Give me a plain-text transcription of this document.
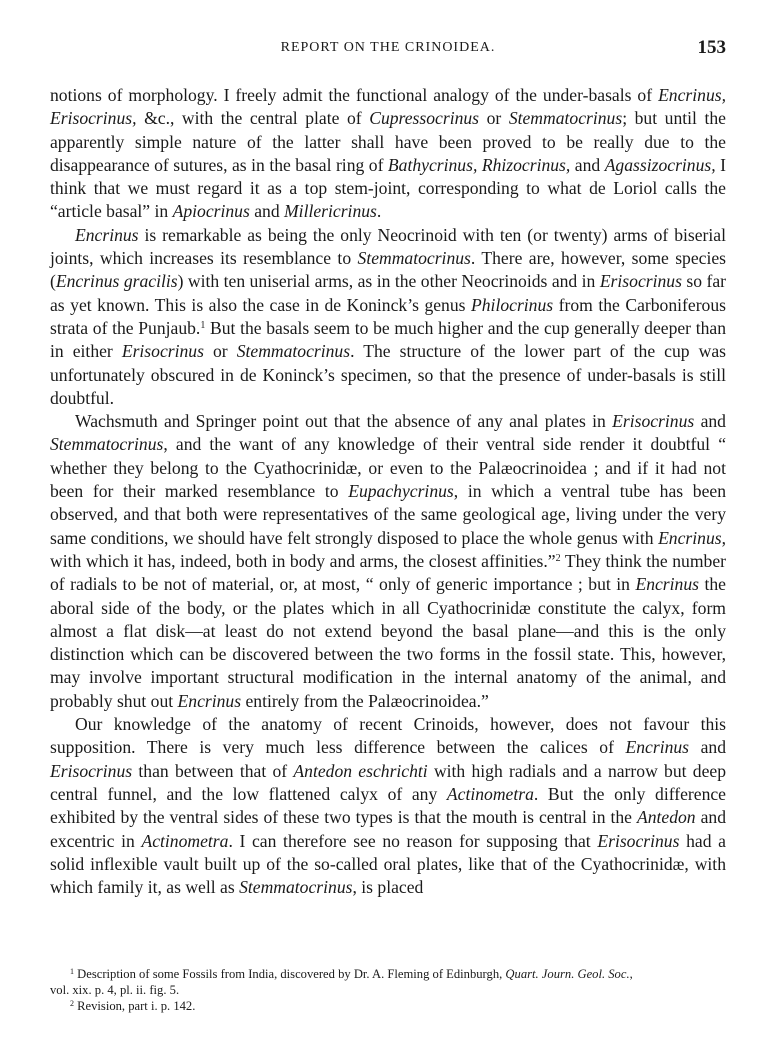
REPORT ON THE CRINOIDEA.	153

notions of morphology. I freely admit the functional analogy of the under-basals of Encrinus, Erisocrinus, &c., with the central plate of Cupressocrinus or Stemmatocrinus; but until the apparently simple nature of the latter shall have been proved to be really due to the disappearance of sutures, as in the basal ring of Bathycrinus, Rhizocrinus, and Agassizocrinus, I think that we must regard it as a top stem-joint, corresponding to what de Loriol calls the “article basal” in Apiocrinus and Millericrinus.

Encrinus is remarkable as being the only Neocrinoid with ten (or twenty) arms of biserial joints, which increases its resemblance to Stemmatocrinus. There are, however, some species (Encrinus gracilis) with ten uniserial arms, as in the other Neocrinoids and in Erisocrinus so far as yet known. This is also the case in de Koninck’s genus Philocrinus from the Carboniferous strata of the Punjaub.$^1$ But the basals seem to be much higher and the cup generally deeper than in either Erisocrinus or Stemmatocrinus. The structure of the lower part of the cup was unfortunately obscured in de Koninck’s specimen, so that the presence of under-basals is still doubtful.

Wachsmuth and Springer point out that the absence of any anal plates in Erisocrinus and Stemmatocrinus, and the want of any knowledge of their ventral side render it doubtful “ whether they belong to the Cyathocrinidæ, or even to the Palæocrinoidea ; and if it had not been for their marked resemblance to Eupachycrinus, in which a ventral tube has been observed, and that both were representatives of the same geological age, living under the very same conditions, we should have felt strongly disposed to place the whole genus with Encrinus, with which it has, indeed, both in body and arms, the closest affinities.”$^2$ They think the number of radials to be not of material, or, at most, “ only of generic importance ; but in Encrinus the aboral side of the body, or the plates which in all Cyathocrinidæ constitute the calyx, form almost a flat disk—at least do not extend beyond the basal plane—and this is the only distinction which can be discovered between the two forms in the fossil state. This, however, may involve important structural modification in the internal anatomy of the animal, and probably shut out Encrinus entirely from the Palæocrinoidea.”

Our knowledge of the anatomy of recent Crinoids, however, does not favour this supposition. There is very much less difference between the calices of Encrinus and Erisocrinus than between that of Antedon eschrichti with high radials and a narrow but deep central funnel, and the low flattened calyx of any Actinometra. But the only difference exhibited by the ventral sides of these two types is that the mouth is central in the Antedon and excentric in Actinometra. I can therefore see no reason for supposing that Erisocrinus had a solid inflexible vault built up of the so-called oral plates, like that of the Cyathocrinidæ, with which family it, as well as Stemmatocrinus, is placed

$^1$ Description of some Fossils from India, discovered by Dr. A. Fleming of Edinburgh, Quart. Journ. Geol. Soc.,

vol. xix. p. 4, pl. ii. fig. 5.

$^2$ Revision, part i. p. 142.
